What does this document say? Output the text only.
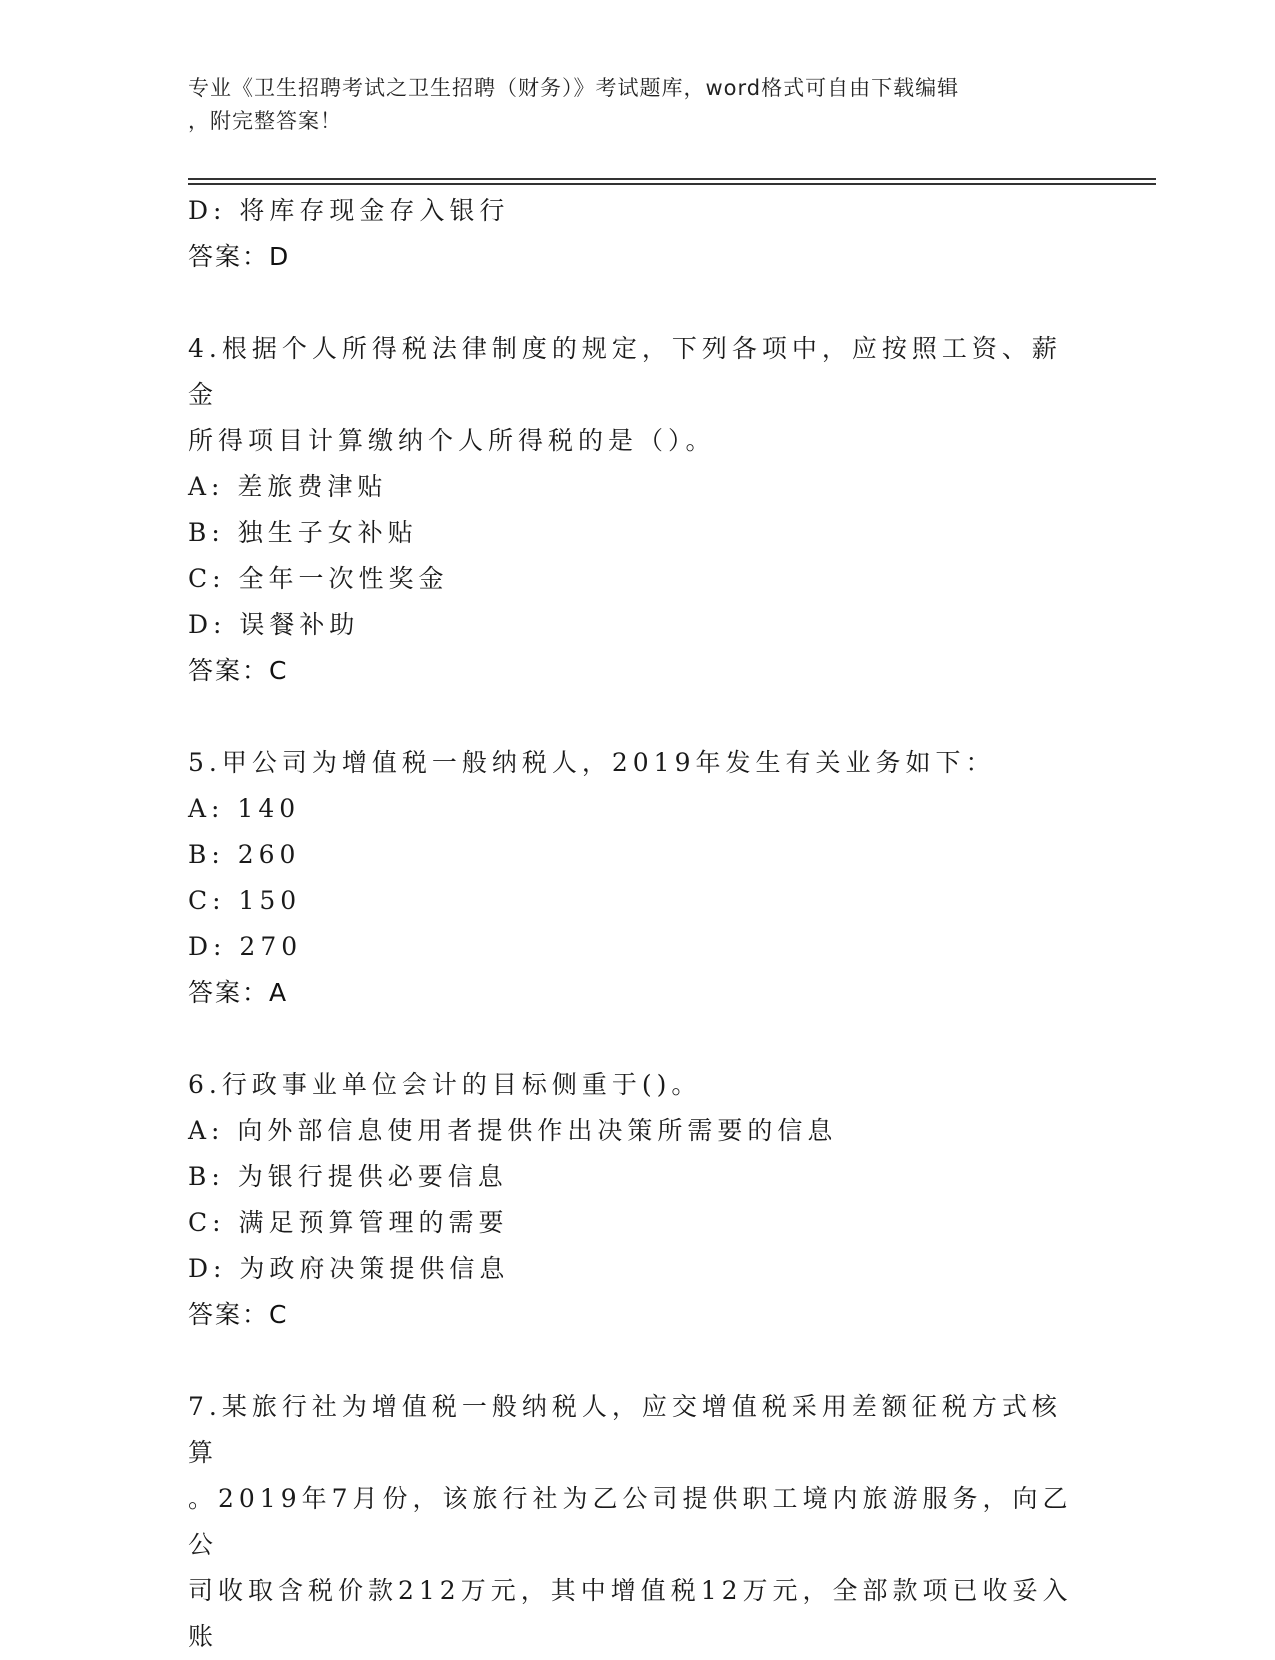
专业《卫生招聘考试之卫生招聘（财务）》考试题库，word格式可自由下载编辑
，附完整答案！
D: 将库存现金存入银行
答案：D
4.根据个人所得税法律制度的规定，下列各项中，应按照工资、薪金
所得项目计算缴纳个人所得税的是（）。
A: 差旅费津贴
B: 独生子女补贴
C: 全年一次性奖金
D: 误餐补助
答案：C
5.甲公司为增值税一般纳税人，2019年发生有关业务如下：
A: 140
B: 260
C: 150
D: 270
答案：A
6.行政事业单位会计的目标侧重于()。
A: 向外部信息使用者提供作出决策所需要的信息
B: 为银行提供必要信息
C: 满足预算管理的需要
D: 为政府决策提供信息
答案：C
7.某旅行社为增值税一般纳税人，应交增值税采用差额征税方式核算
。2019年7月份，该旅行社为乙公司提供职工境内旅游服务，向乙公
司收取含税价款212万元，其中增值税12万元，全部款项已收妥入账
